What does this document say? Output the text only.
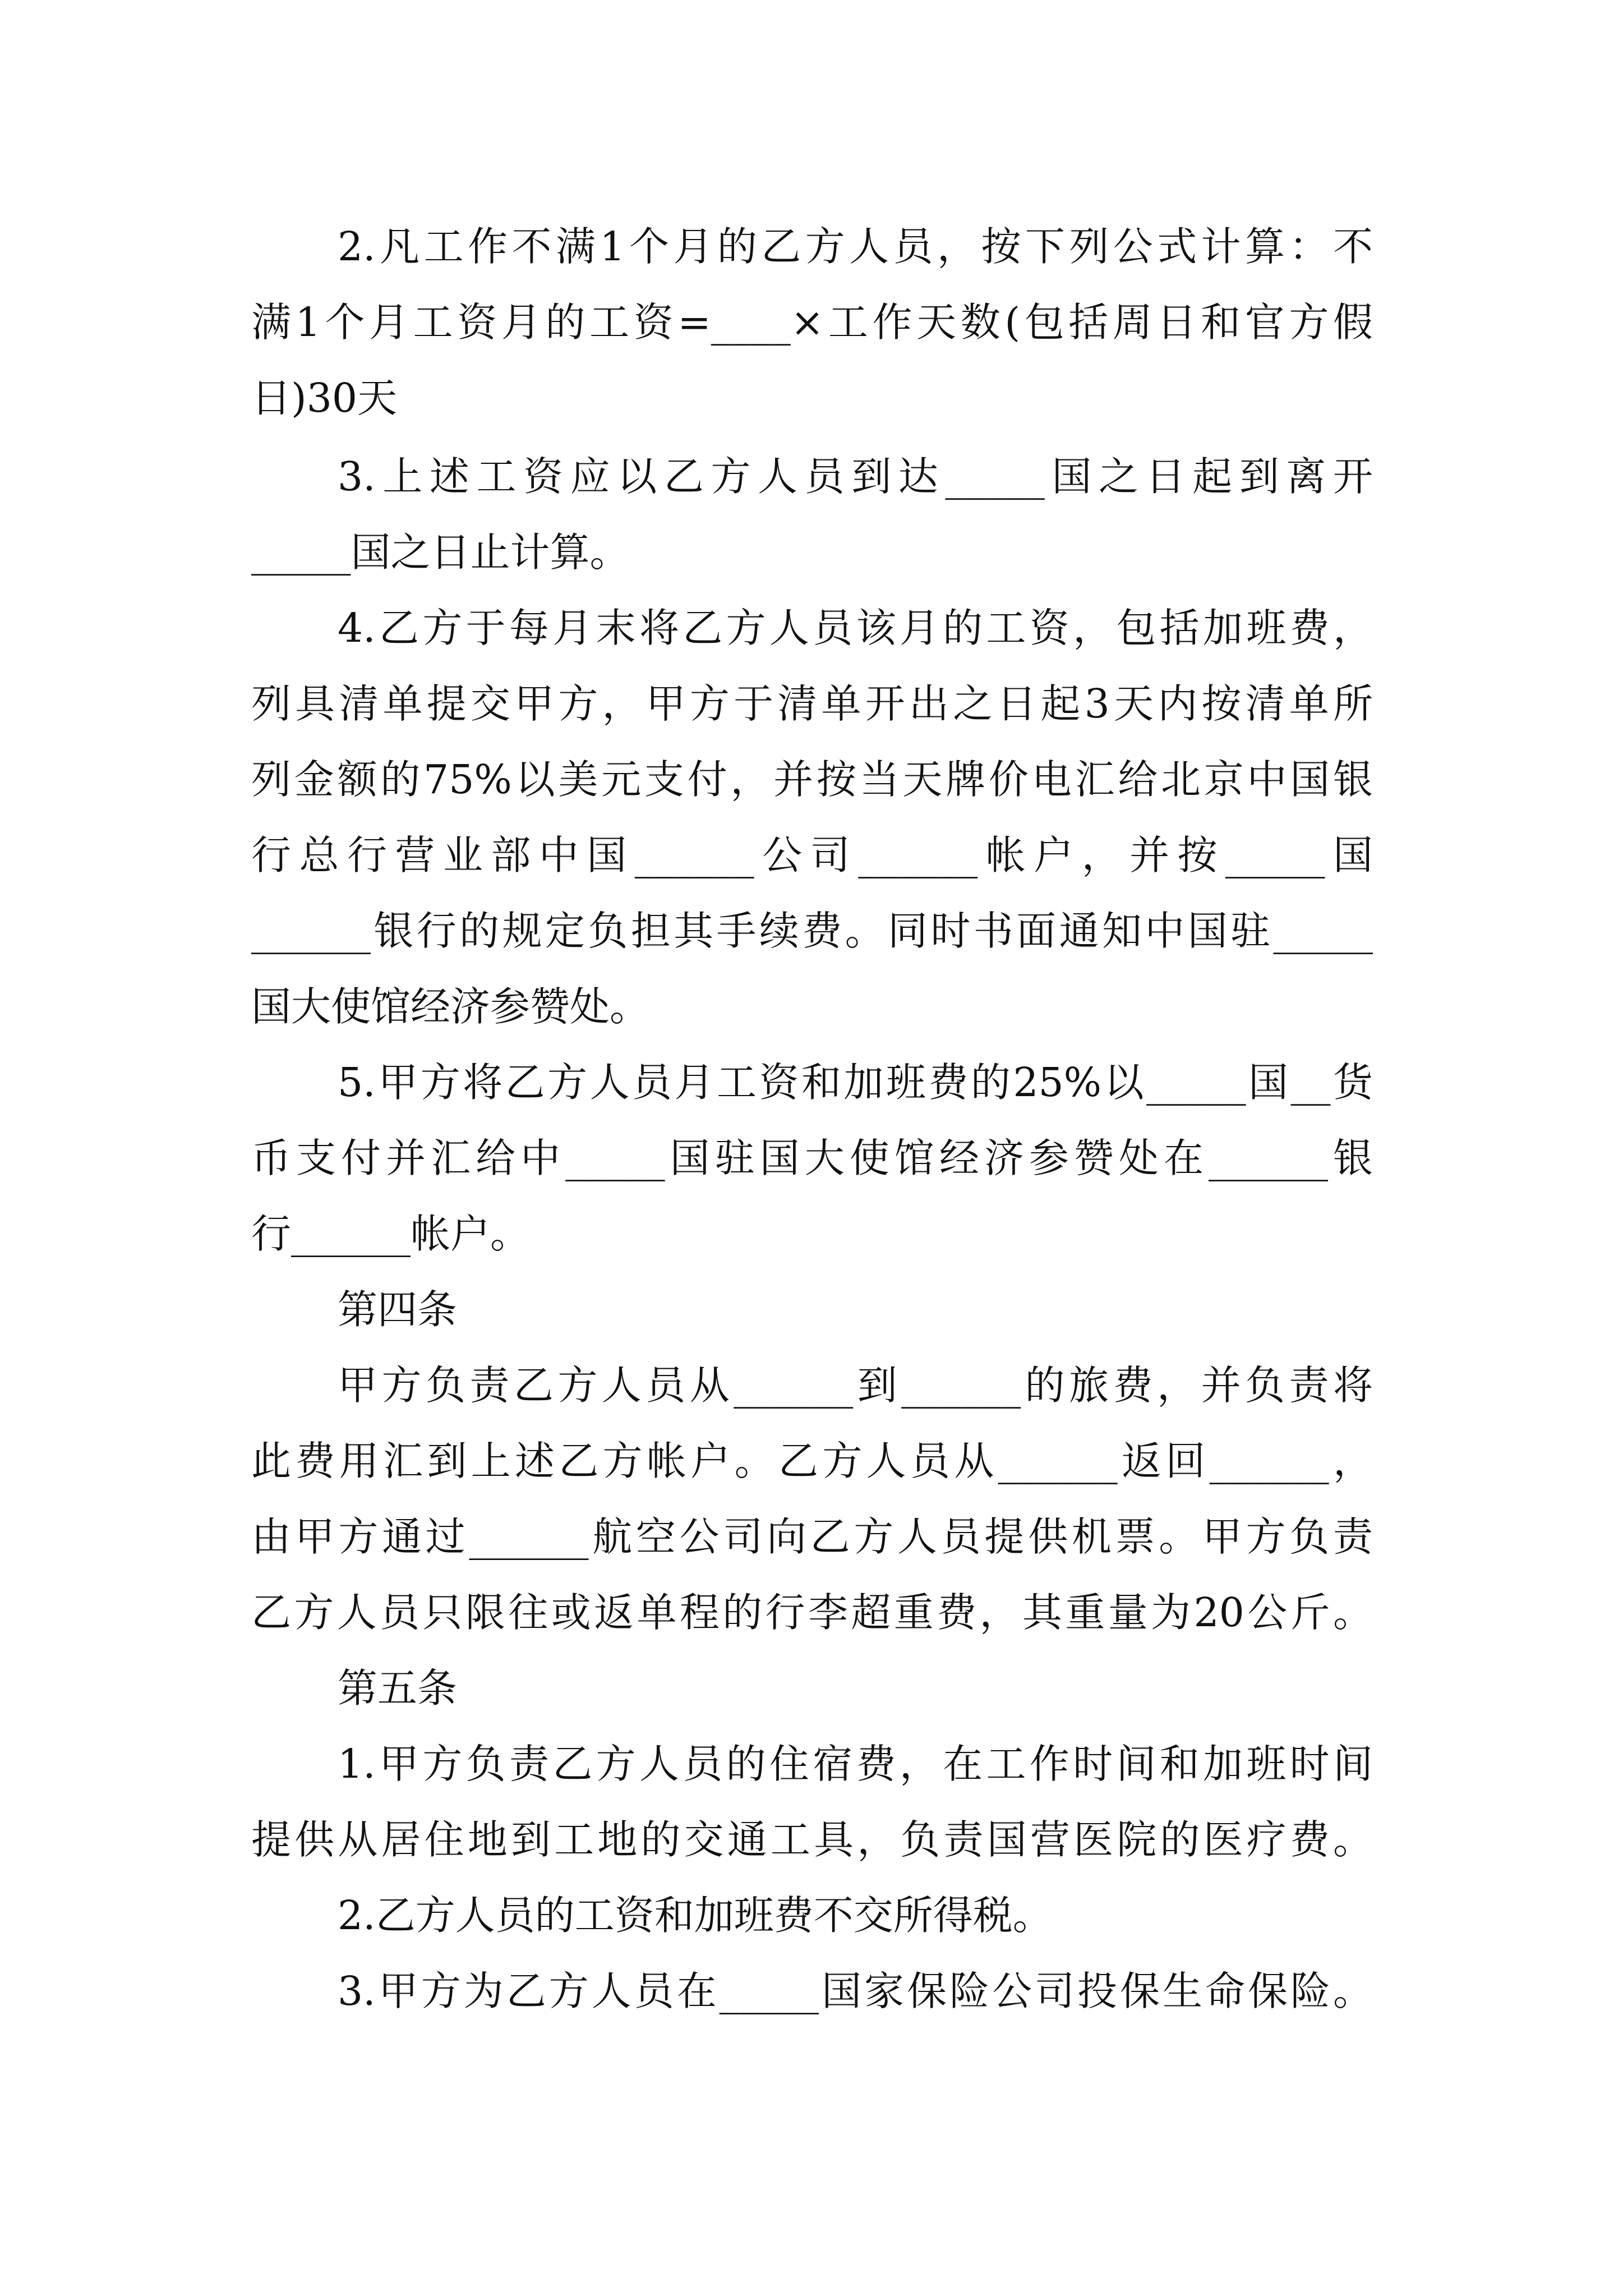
2.凡工作不满1个月的乙方人员，按下列公式计算：不
满1个月工资月的工资=____×工作天数(包括周日和官方假
日)30天
3.上述工资应以乙方人员到达_____国之日起到离开
_____国之日止计算。
4.乙方于每月末将乙方人员该月的工资，包括加班费，
列具清单提交甲方，甲方于清单开出之日起3天内按清单所
列金额的75%以美元支付，并按当天牌价电汇给北京中国银
行总行营业部中国______公司______帐户，并按_____国
______银行的规定负担其手续费。同时书面通知中国驻_____
国大使馆经济参赞处。
5.甲方将乙方人员月工资和加班费的25%以_____国__货
币支付并汇给中_____国驻国大使馆经济参赞处在______银
行______帐户。
第四条
甲方负责乙方人员从______到______的旅费，并负责将
此费用汇到上述乙方帐户。乙方人员从______返回______，
由甲方通过______航空公司向乙方人员提供机票。甲方负责
乙方人员只限往或返单程的行李超重费，其重量为20公斤。
第五条
1.甲方负责乙方人员的住宿费，在工作时间和加班时间
提供从居住地到工地的交通工具，负责国营医院的医疗费。
2.乙方人员的工资和加班费不交所得税。
3.甲方为乙方人员在_____国家保险公司投保生命保险。
